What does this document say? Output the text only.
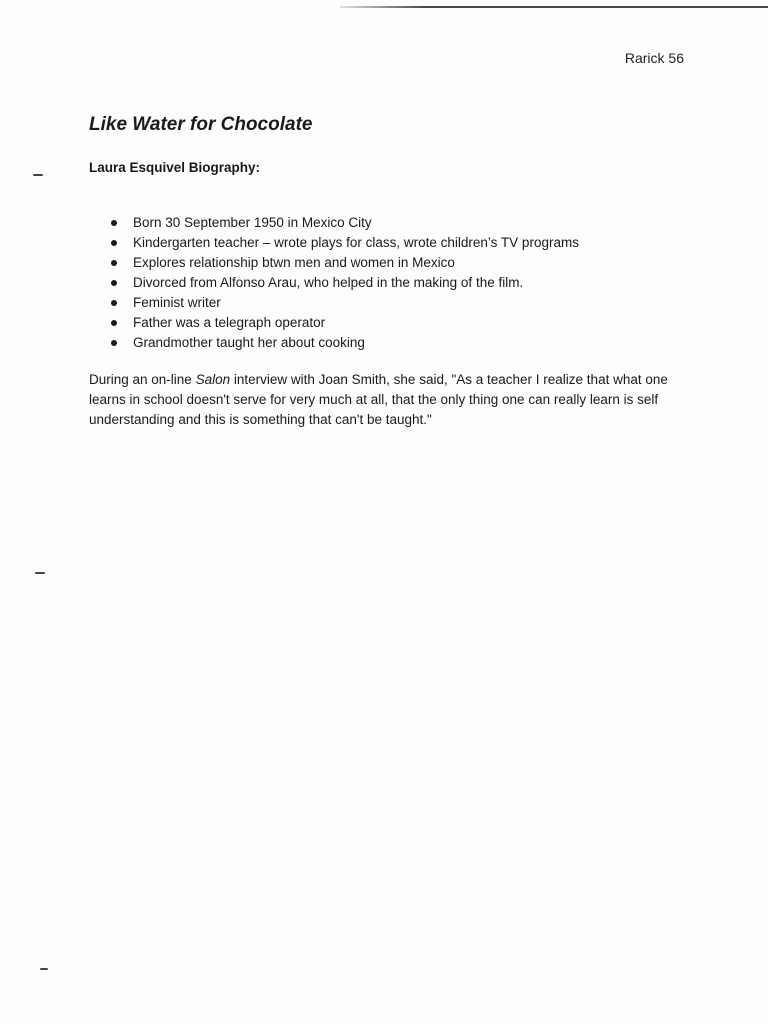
Rarick 56
Like Water for Chocolate
Laura Esquivel Biography:
Born 30 September 1950 in Mexico City
Kindergarten teacher – wrote plays for class, wrote children’s TV programs
Explores relationship btwn men and women in Mexico
Divorced from Alfonso Arau, who helped in the making of the film.
Feminist writer
Father was a telegraph operator
Grandmother taught her about cooking

During an on-line Salon interview with Joan Smith, she said, "As a teacher I realize that what one learns in school doesn't serve for very much at all, that the only thing one can really learn is self understanding and this is something that can't be taught."
